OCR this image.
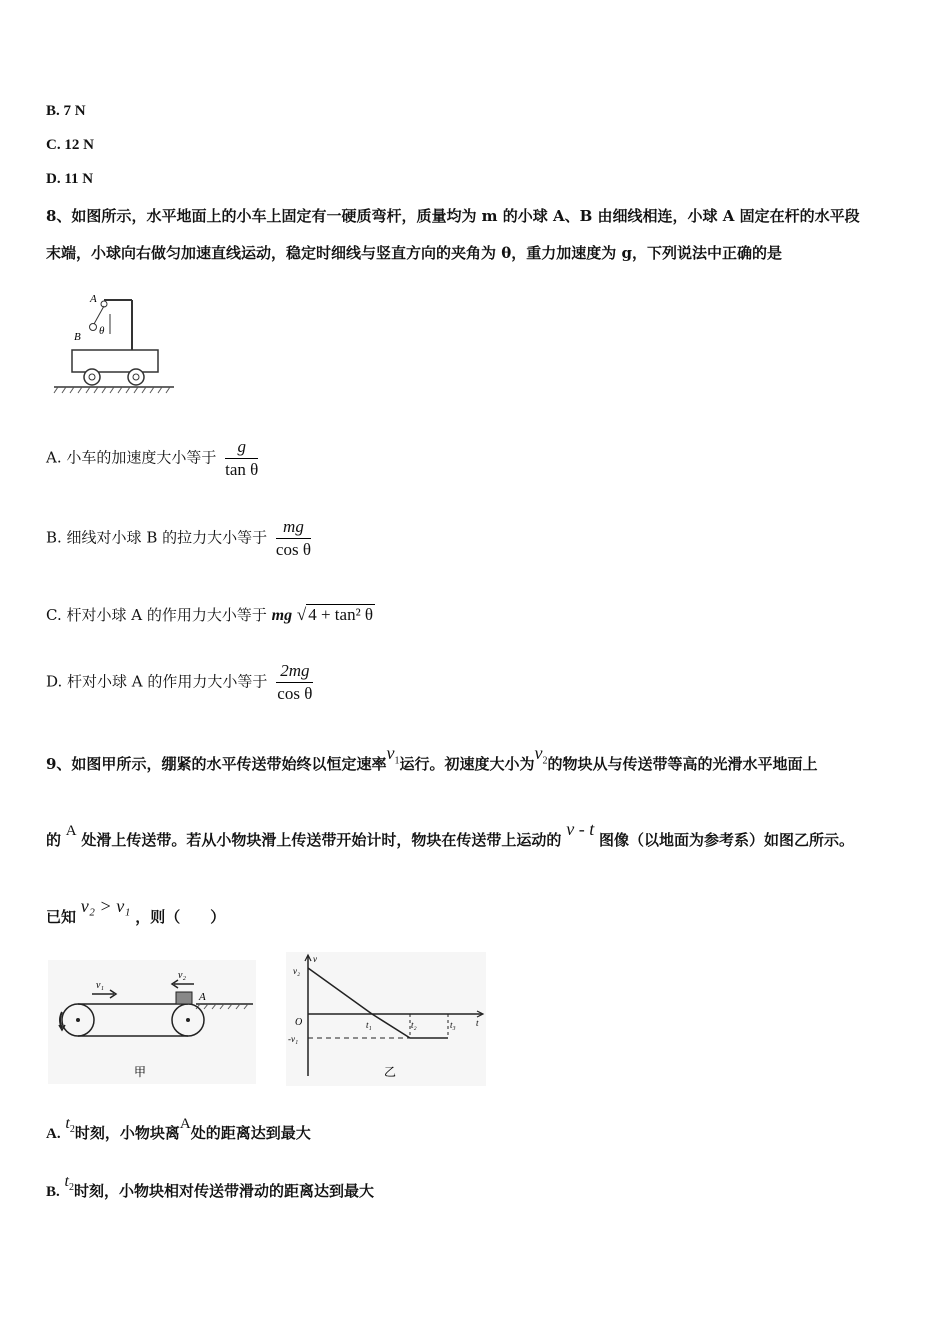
B. 7 N
C. 12 N
D. 11 N
8、如图所示，水平地面上的小车上固定有一硬质弯杆，质量均为 m 的小球 A、B 由细线相连，小球 A 固定在杆的水平段
末端，小球向右做匀加速直线运动，稳定时细线与竖直方向的夹角为 θ，重力加速度为 g，下列说法中正确的是
A
B θ
A. 小车的加速度大小等于 $\frac{g}{\text{tan θ}}$
B. 细线对小球 B 的拉力大小等于 $\frac{mg}{\text{cos θ}}$
C. 杆对小球 A 的作用力大小等于 mg √ 4 + tan² θ
D. 杆对小球 A 的作用力大小等于 $\frac{2mg}{\text{cos θ}}$
9、如图甲所示，绷紧的水平传送带始终以恒定速率$v_1$运行。初速度大小为$v_2$的物块从与传送带等高的光滑水平地面上
的 A 处滑上传送带。若从小物块滑上传送带开始计时，物块在传送带上运动的 v - t 图像（以地面为参考系）如图乙所示。
已知 v₂ > v₁ ，则（　　）
v₁
v₂
A
甲
v₂
v
O
-v₁
t₁	t₂	t₃ t
乙
A. $t_2$时刻，小物块离A处的距离达到最大
B. $t_2$时刻，小物块相对传送带滑动的距离达到最大
